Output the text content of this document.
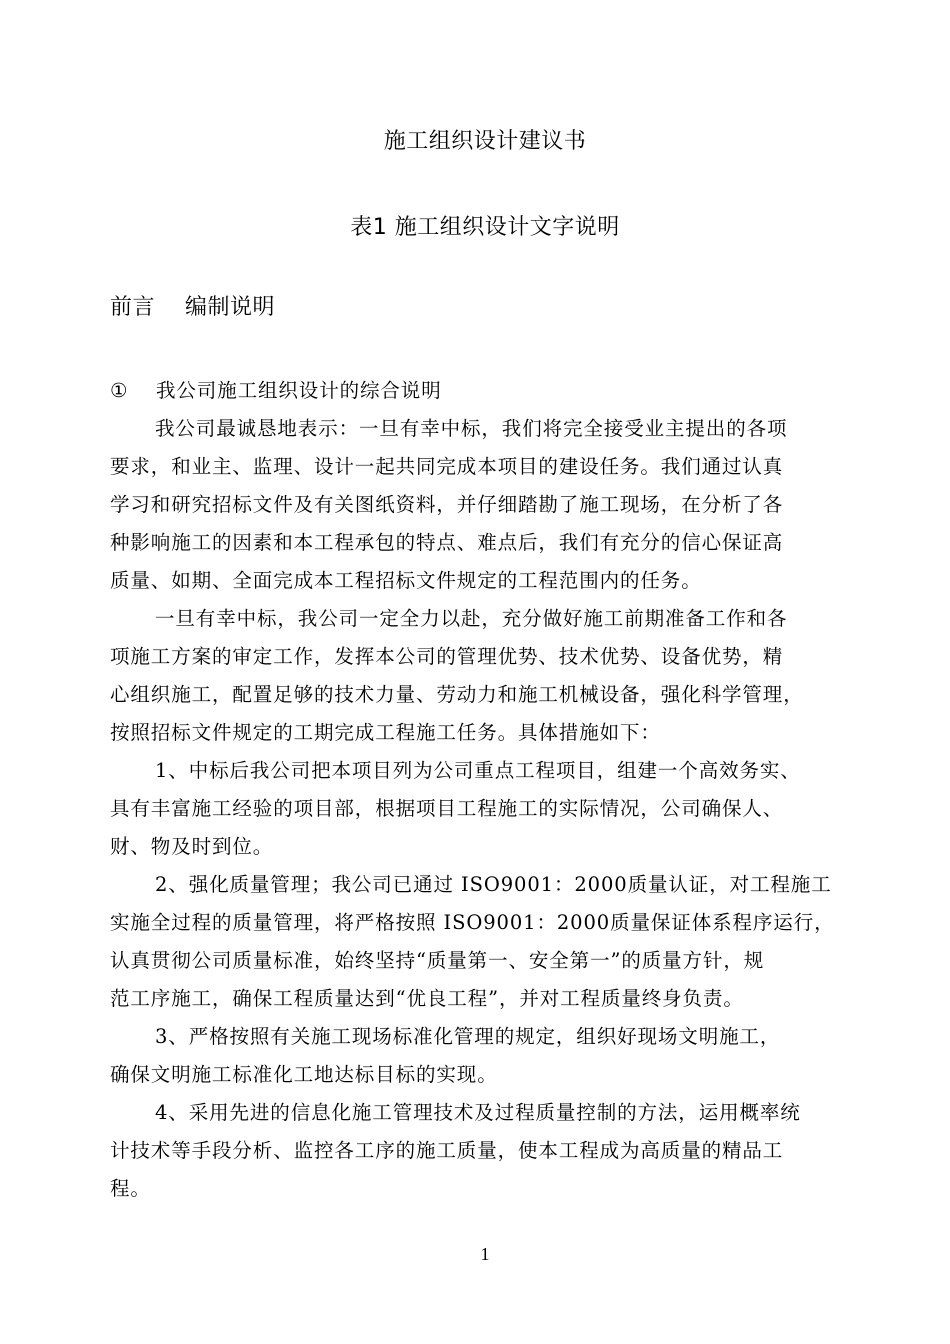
施工组织设计建议书
表1 施工组织设计文字说明
前言    编制说明
① 我公司施工组织设计的综合说明
我公司最诚恳地表示：一旦有幸中标，我们将完全接受业主提出的各项
要求，和业主、监理、设计一起共同完成本项目的建设任务。我们通过认真
学习和研究招标文件及有关图纸资料，并仔细踏勘了施工现场，在分析了各
种影响施工的因素和本工程承包的特点、难点后，我们有充分的信心保证高
质量、如期、全面完成本工程招标文件规定的工程范围内的任务。
一旦有幸中标，我公司一定全力以赴，充分做好施工前期准备工作和各
项施工方案的审定工作，发挥本公司的管理优势、技术优势、设备优势，精
心组织施工，配置足够的技术力量、劳动力和施工机械设备，强化科学管理，
按照招标文件规定的工期完成工程施工任务。具体措施如下：
1、中标后我公司把本项目列为公司重点工程项目，组建一个高效务实、
具有丰富施工经验的项目部，根据项目工程施工的实际情况，公司确保人、
财、物及时到位。
2、强化质量管理；我公司已通过 ISO9001：2000质量认证，对工程施工
实施全过程的质量管理，将严格按照 ISO9001：2000质量保证体系程序运行，
认真贯彻公司质量标准，始终坚持“质量第一、安全第一”的质量方针，规
范工序施工，确保工程质量达到“优良工程”，并对工程质量终身负责。
3、严格按照有关施工现场标准化管理的规定，组织好现场文明施工，
确保文明施工标准化工地达标目标的实现。
4、采用先进的信息化施工管理技术及过程质量控制的方法，运用概率统
计技术等手段分析、监控各工序的施工质量，使本工程成为高质量的精品工
程。
1
